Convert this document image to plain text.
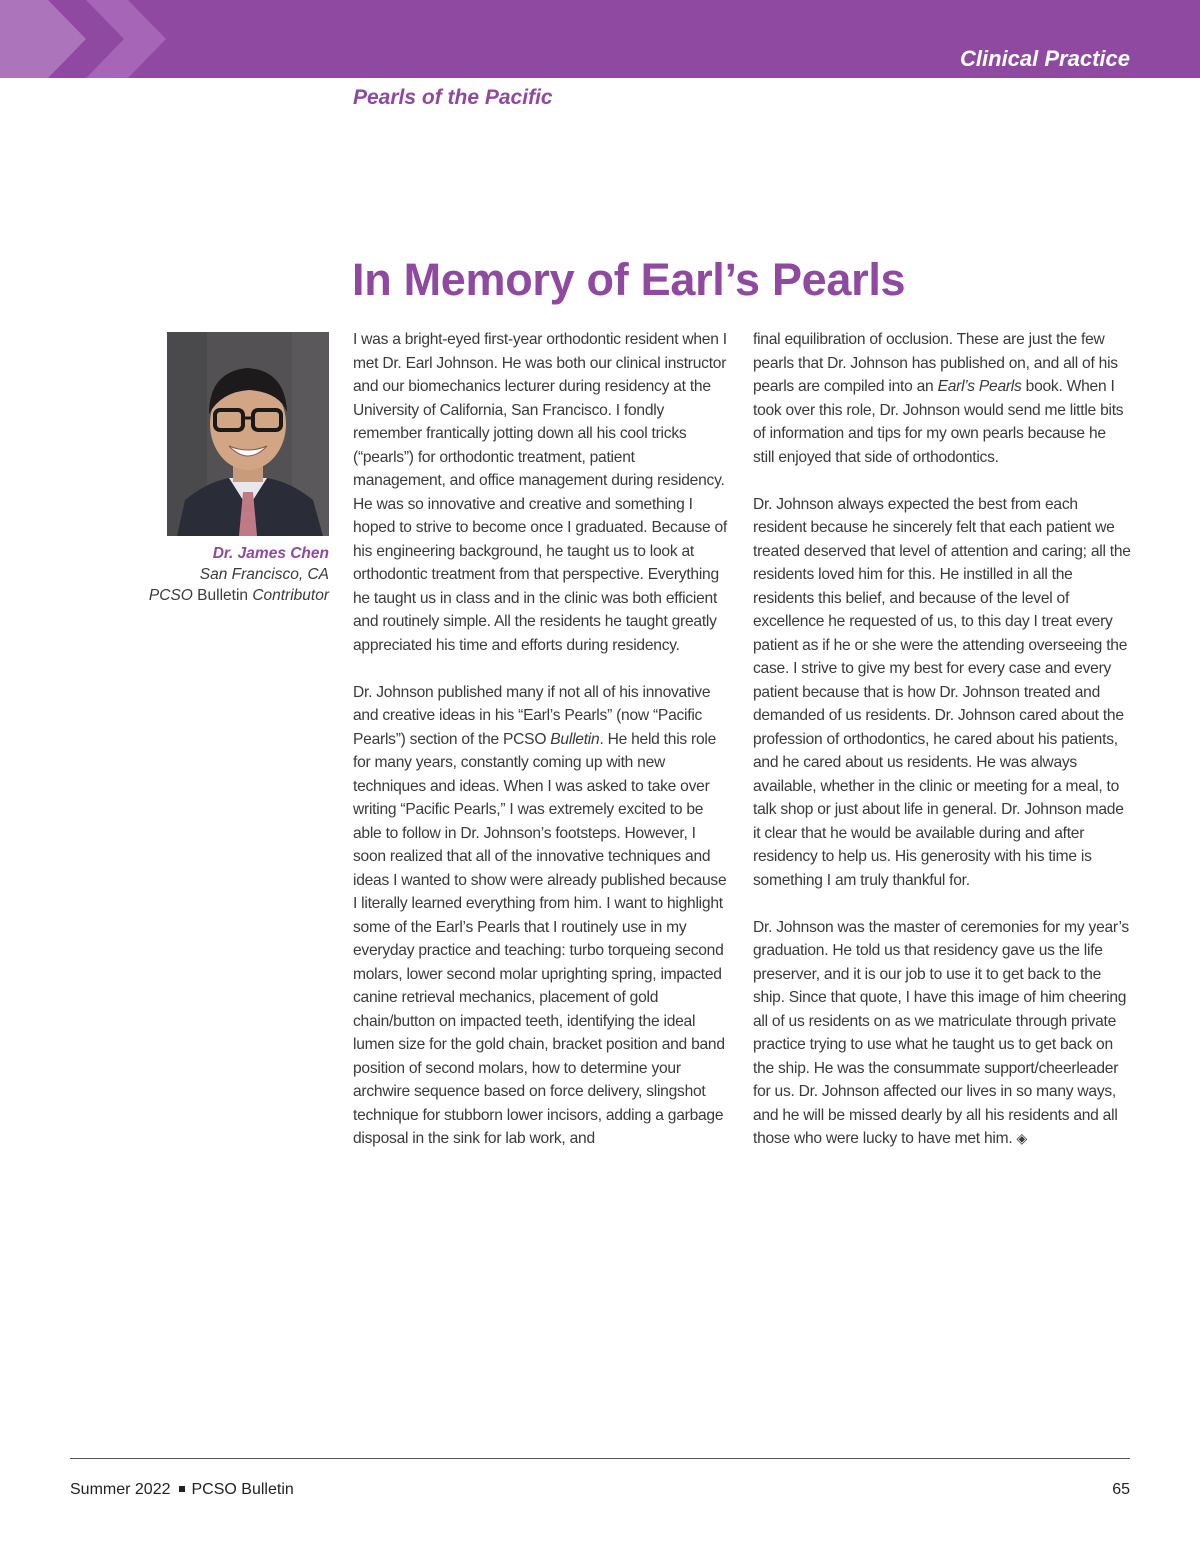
Clinical Practice
Pearls of the Pacific
In Memory of Earl’s Pearls
Dr. James Chen
San Francisco, CA
PCSO Bulletin Contributor

I was a bright-eyed first-year orthodontic resident when I met Dr. Earl Johnson. He was both our clinical instructor and our biomechanics lecturer during residency at the University of California, San Francisco. I fondly remember frantically jotting down all his cool tricks (“pearls”) for orthodontic treatment, patient management, and office management during residency. He was so innovative and creative and something I hoped to strive to become once I graduated. Because of his engineering background, he taught us to look at orthodontic treatment from that perspective. Everything he taught us in class and in the clinic was both efficient and routinely simple. All the residents he taught greatly appreciated his time and efforts during residency.

Dr. Johnson published many if not all of his innovative and creative ideas in his “Earl’s Pearls” (now “Pacific Pearls”) section of the PCSO Bulletin. He held this role for many years, constantly coming up with new techniques and ideas. When I was asked to take over writing “Pacific Pearls,” I was extremely excited to be able to follow in Dr. Johnson’s footsteps. However, I soon realized that all of the innovative techniques and ideas I wanted to show were already published because I literally learned everything from him. I want to highlight some of the Earl’s Pearls that I routinely use in my everyday practice and teaching: turbo torqueing second molars, lower second molar uprighting spring, impacted canine retrieval mechanics, placement of gold chain/button on impacted teeth, identifying the ideal lumen size for the gold chain, bracket position and band position of second molars, how to determine your archwire sequence based on force delivery, slingshot technique for stubborn lower incisors, adding a garbage disposal in the sink for lab work, and

final equilibration of occlusion. These are just the few pearls that Dr. Johnson has published on, and all of his pearls are compiled into an Earl’s Pearls book. When I took over this role, Dr. Johnson would send me little bits of information and tips for my own pearls because he still enjoyed that side of orthodontics.

Dr. Johnson always expected the best from each resident because he sincerely felt that each patient we treated deserved that level of attention and caring; all the residents loved him for this. He instilled in all the residents this belief, and because of the level of excellence he requested of us, to this day I treat every patient as if he or she were the attending overseeing the case. I strive to give my best for every case and every patient because that is how Dr. Johnson treated and demanded of us residents. Dr. Johnson cared about the profession of orthodontics, he cared about his patients, and he cared about us residents. He was always available, whether in the clinic or meeting for a meal, to talk shop or just about life in general. Dr. Johnson made it clear that he would be available during and after residency to help us. His generosity with his time is something I am truly thankful for.

Dr. Johnson was the master of ceremonies for my year’s graduation. He told us that residency gave us the life preserver, and it is our job to use it to get back to the ship. Since that quote, I have this image of him cheering all of us residents on as we matriculate through private practice trying to use what he taught us to get back on the ship. He was the consummate support/cheerleader for us. Dr. Johnson affected our lives in so many ways, and he will be missed dearly by all his residents and all those who were lucky to have met him. ◈

Summer 2022 PCSO Bulletin	65
